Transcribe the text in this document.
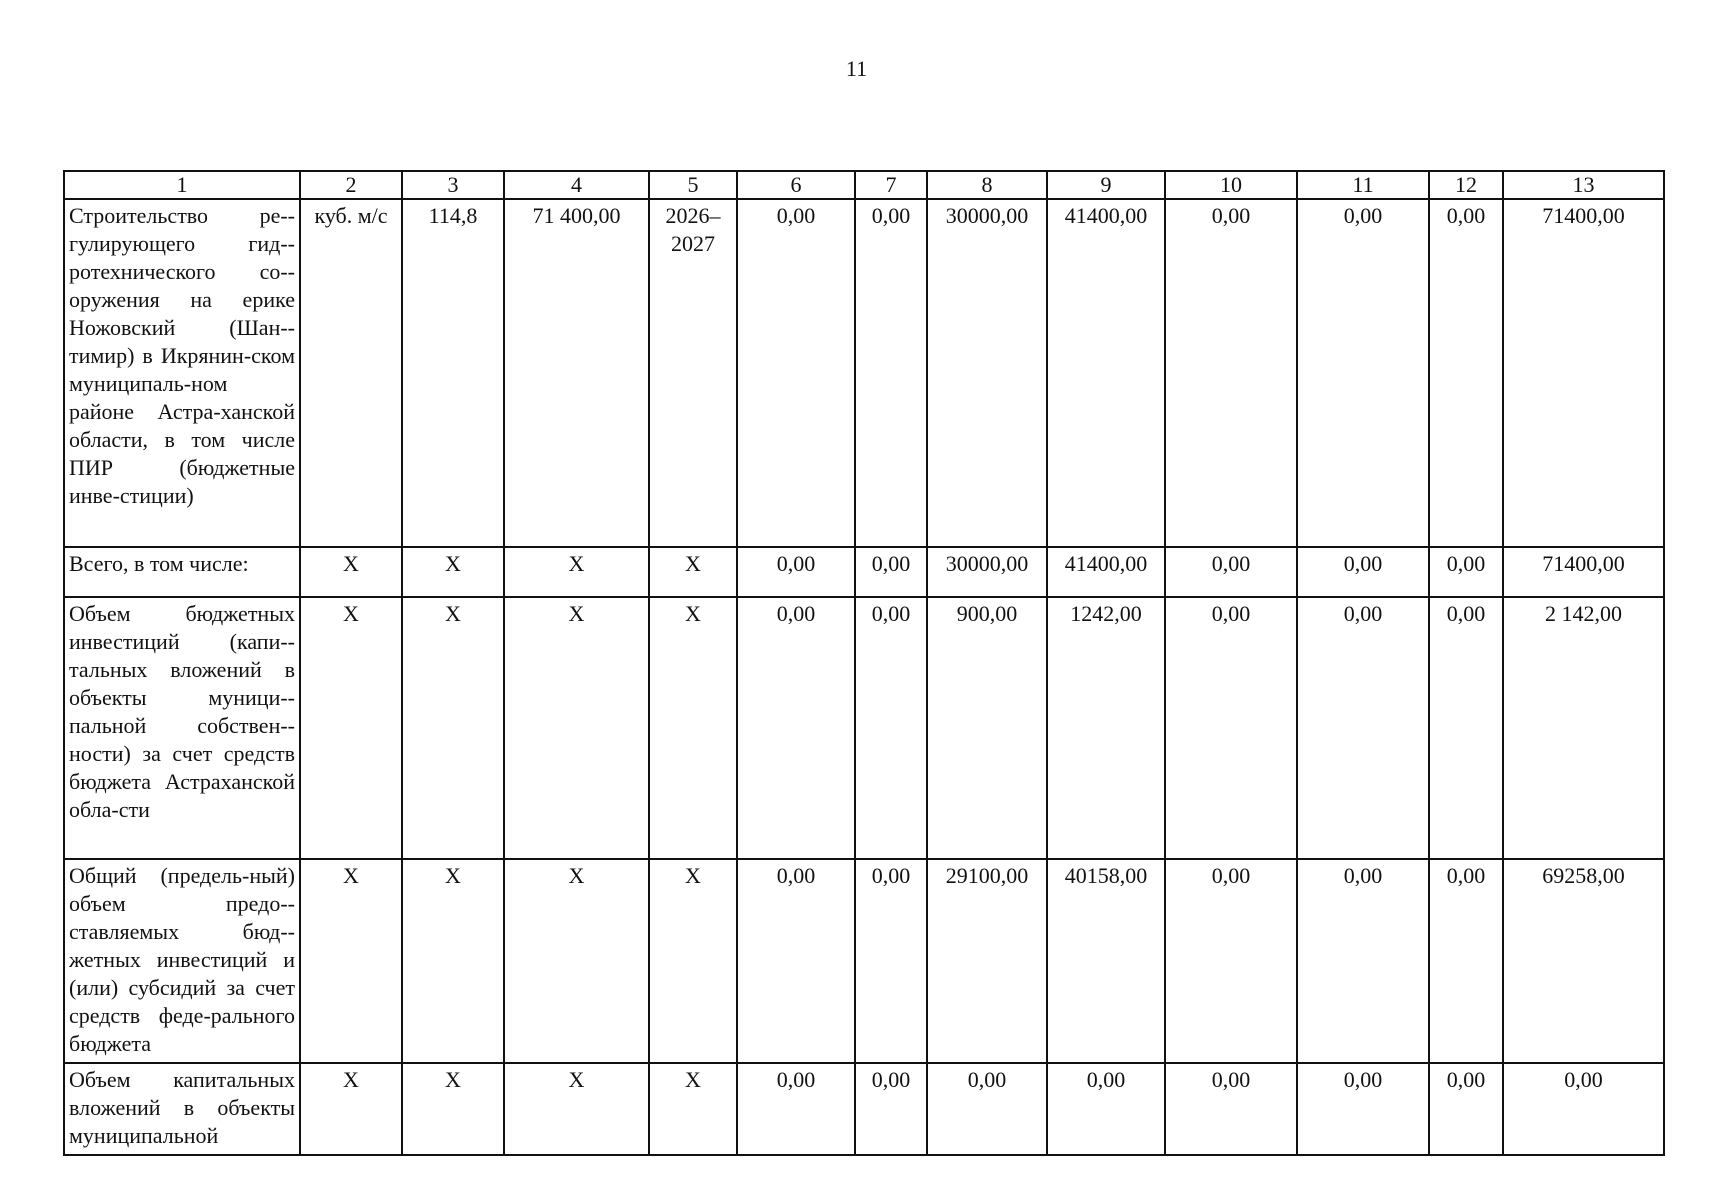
11
1	2	3	4	5	6	7	8	9	10	11	12	13
Строительство ре-гулирующего гид-ротехнического со-оружения на ерике Ножовский (Шан-тимир) в Икрянин-ском муниципаль-ном районе Астра-ханской области, в том числе ПИР (бюджетные инве-стиции)	куб. м/с	114,8	71 400,00	2026–2027	0,00	0,00	30000,00	41400,00	0,00	0,00	0,00	71400,00
Всего, в том числе:	Х	Х	Х	Х	0,00	0,00	30000,00	41400,00	0,00	0,00	0,00	71400,00
Объем бюджетных инвестиций (капи-тальных вложений в объекты муници-пальной собствен-ности) за счет средств бюджета Астраханской обла-сти	Х	Х	Х	Х	0,00	0,00	900,00	1242,00	0,00	0,00	0,00	2 142,00
Общий (предель-ный) объем предо-ставляемых бюд-жетных инвестиций и (или) субсидий за счет средств феде-рального бюджета	Х	Х	Х	Х	0,00	0,00	29100,00	40158,00	0,00	0,00	0,00	69258,00
Объем капитальных вложений в объекты муниципальной	Х	Х	Х	Х	0,00	0,00	0,00	0,00	0,00	0,00	0,00	0,00
